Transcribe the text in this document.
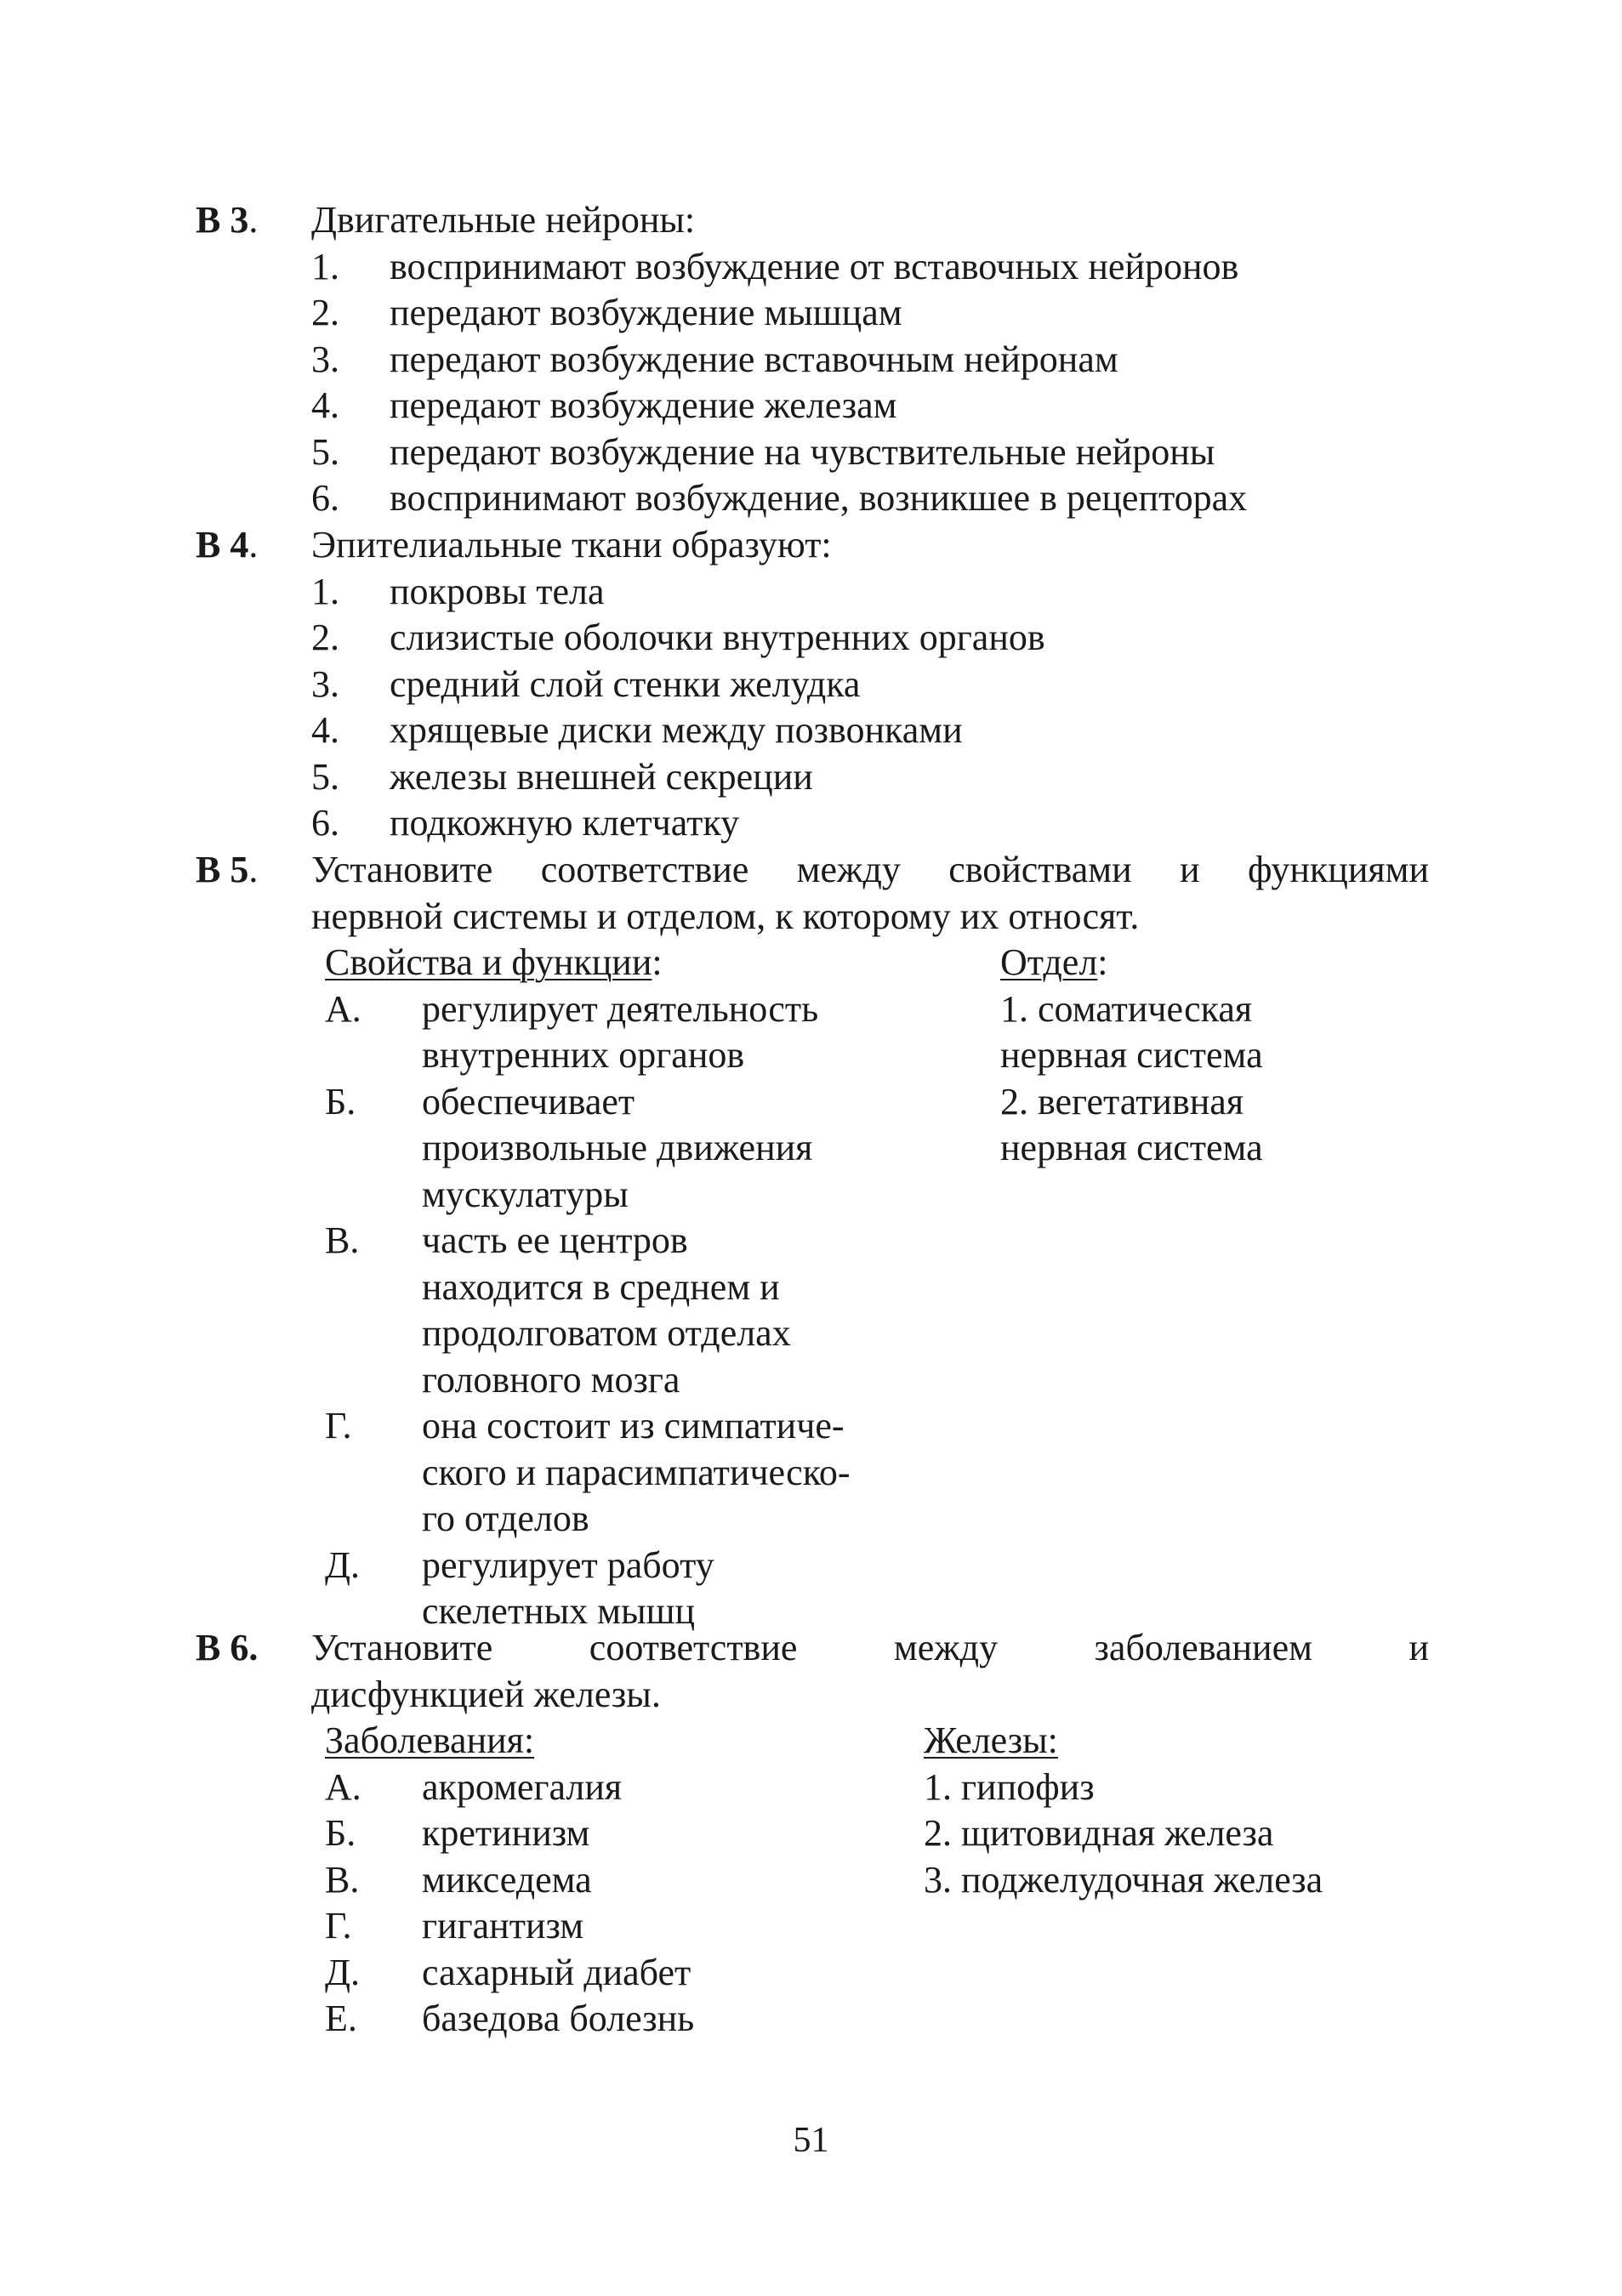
В 3. Двигательные нейроны:
1. воспринимают возбуждение от вставочных нейронов
2. передают возбуждение мышцам
3. передают возбуждение вставочным нейронам
4. передают возбуждение железам
5. передают возбуждение на чувствительные нейроны
6. воспринимают возбуждение, возникшее в рецепторах
В 4. Эпителиальные ткани образуют:
1. покровы тела
2. слизистые оболочки внутренних органов
3. средний слой стенки желудка
4. хрящевые диски между позвонками
5. железы внешней секреции
6. подкожную клетчатку
В 5. Установите соответствие между свойствами и функциями
нервной системы и отделом, к которому их относят.
Свойства и функции:
А. регулирует деятельность
внутренних органов
Б. обеспечивает
произвольные движения
мускулатуры
В. часть ее центров
находится в среднем и
продолговатом отделах
головного мозга
Г. она состоит из симпатиче-
ского и парасимпатическо-
го отделов
Д. регулирует работу
скелетных мышц
Отдел:
1. соматическая
нервная система
2. вегетативная
нервная система
В 6. Установите соответствие между заболеванием и
дисфункцией железы.
Заболевания:
А. акромегалия
Б. кретинизм
В. микседема
Г. гигантизм
Д. сахарный диабет
Е. базедова болезнь
Железы:
1. гипофиз
2. щитовидная железа
3. поджелудочная железа
51
